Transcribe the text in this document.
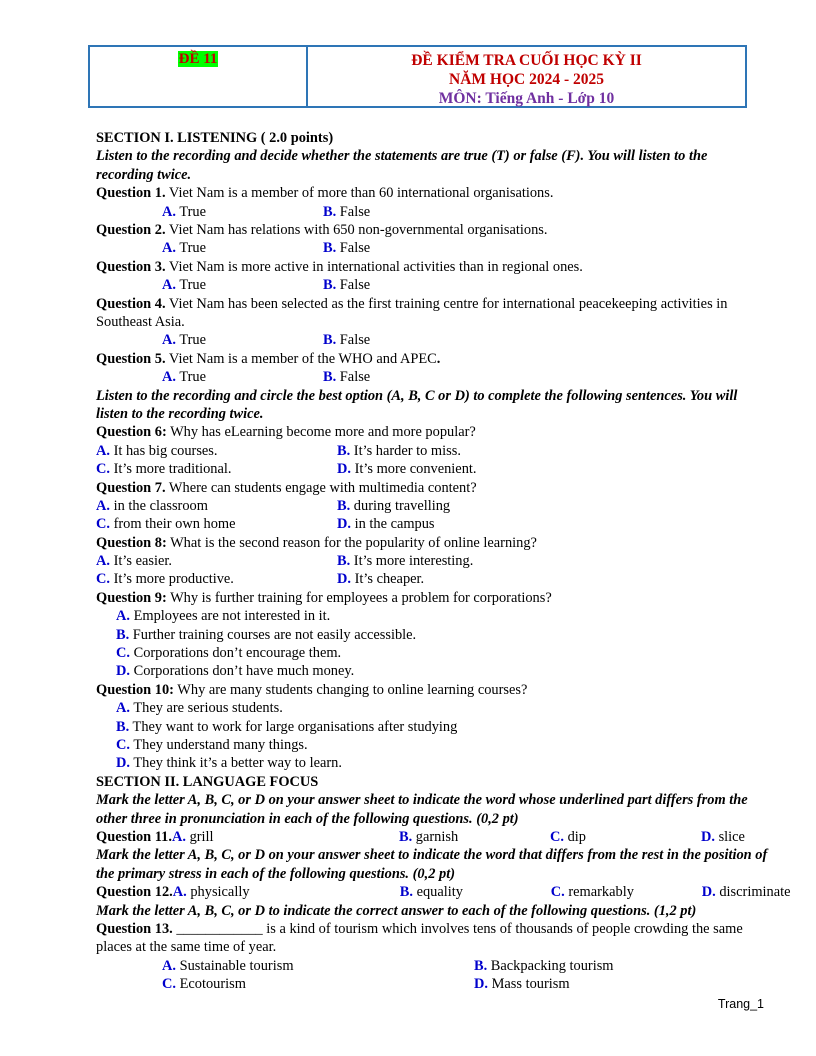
ĐỀ 11	ĐỀ KIỂM TRA CUỐI HỌC KỲ II
NĂM HỌC 2024 - 2025
MÔN: Tiếng Anh - Lớp 10
SECTION I. LISTENING ( 2.0 points)
Listen to the recording and decide whether the statements are true (T) or false (F). You will listen to the recording twice.
Question 1. Viet Nam is a member of more than 60 international organisations.
A. True	B. False
Question 2. Viet Nam has relations with 650 non-governmental organisations.
A. True	B. False
Question 3. Viet Nam is more active in international activities than in regional ones.
A. True	B. False
Question 4. Viet Nam has been selected as the first training centre for international peacekeeping activities in Southeast Asia.
A. True	B. False
Question 5. Viet Nam is a member of the WHO and APEC.
A. True	B. False
Listen to the recording and circle the best option (A, B, C or D) to complete the following sentences. You will listen to the recording twice.
Question 6: Why has eLearning become more and more popular?
A. It has big courses.	B. It’s harder to miss.
C. It’s more traditional.	D. It’s more convenient.
Question 7. Where can students engage with multimedia content?
A. in the classroom	B. during travelling
C. from their own home	D. in the campus
Question 8: What is the second reason for the popularity of online learning?
A. It’s easier.	B. It’s more interesting.
C. It’s more productive.	D. It’s cheaper.
Question 9: Why is further training for employees a problem for corporations?
A. Employees are not interested in it.
B. Further training courses are not easily accessible.
C. Corporations don’t encourage them.
D. Corporations don’t have much money.
Question 10: Why are many students changing to online learning courses?
A. They are serious students.
B. They want to work for large organisations after studying
C. They understand many things.
D. They think it’s a better way to learn.
SECTION II. LANGUAGE FOCUS
Mark the letter A, B, C, or D on your answer sheet to indicate the word whose underlined part differs from the other three in pronunciation in each of the following questions. (0,2 pt)
Question 11.A. grill	B. garnish	C. dip	D. slice
Mark the letter A, B, C, or D on your answer sheet to indicate the word that differs from the rest in the position of the primary stress in each of the following questions. (0,2 pt)
Question 12.A. physically	B. equality	C. remarkably	D. discriminate
Mark the letter A, B, C, or D to indicate the correct answer to each of the following questions. (1,2 pt)
Question 13. ____________ is a kind of tourism which involves tens of thousands of people crowding the same places at the same time of year.
A. Sustainable tourism	B. Backpacking tourism
C. Ecotourism	D. Mass tourism
Trang_1
